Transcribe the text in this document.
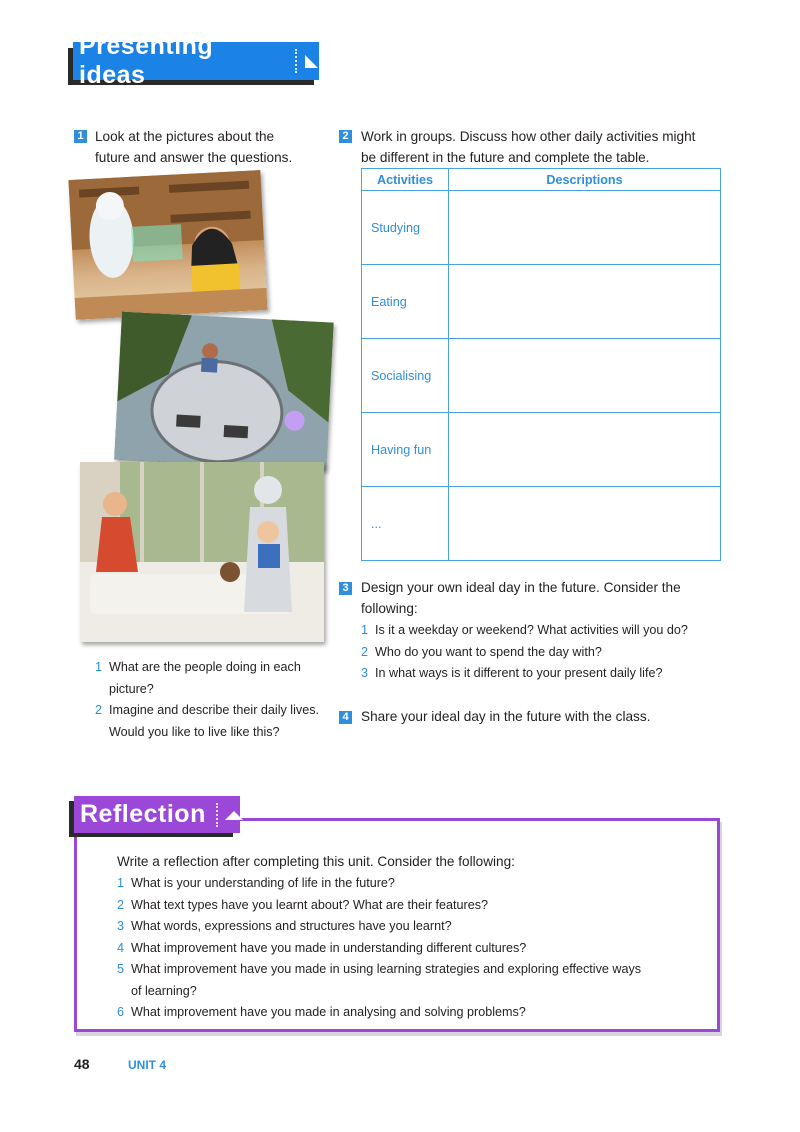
Presenting ideas
1 Look at the pictures about the
future and answer the questions.
1 What are the people doing in each
picture?
2 Imagine and describe their daily lives.
Would you like to live like this?
2 Work in groups. Discuss how other daily activities might
be different in the future and complete the table.
Activities	Descriptions
Studying	
Eating	
Socialising	
Having fun	
...	
3 Design your own ideal day in the future. Consider the
following:
1 Is it a weekday or weekend? What activities will you do?
2 Who do you want to spend the day with?
3 In what ways is it different to your present daily life?
4 Share your ideal day in the future with the class.
Write a reflection after completing this unit. Consider the following:
1 What is your understanding of life in the future?
2 What text types have you learnt about? What are their features?
3 What words, expressions and structures have you learnt?
4 What improvement have you made in understanding different cultures?
5 What improvement have you made in using learning strategies and exploring effective ways
of learning?
6 What improvement have you made in analysing and solving problems?
Reflection
48	UNIT 4
